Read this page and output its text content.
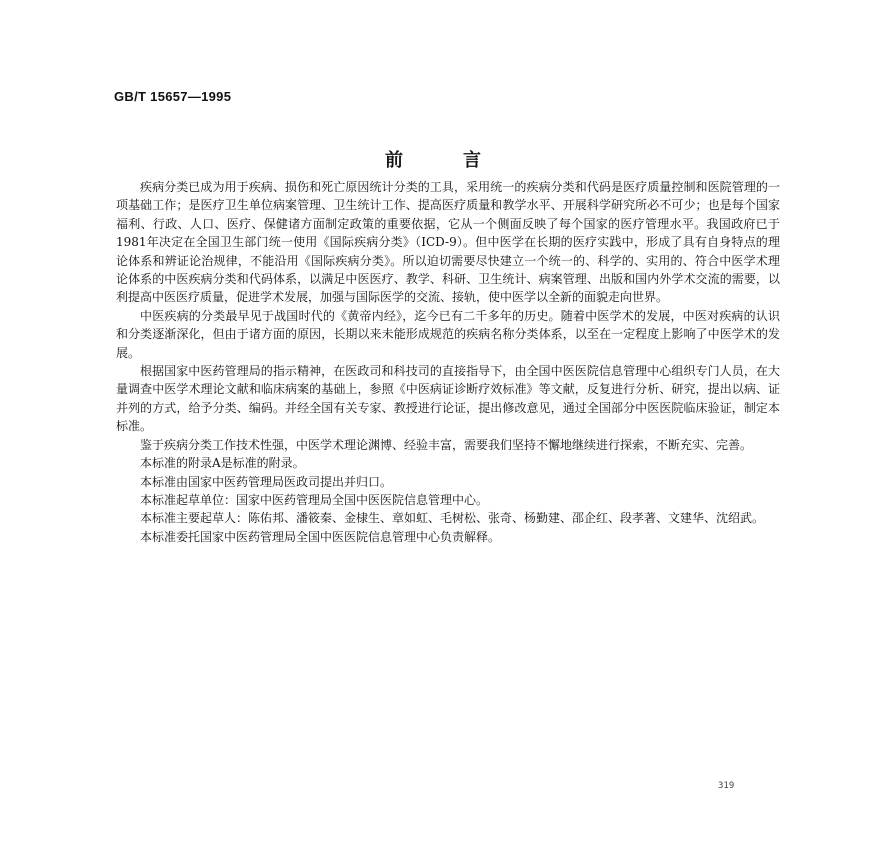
GB/T 15657—1995
前言

疾病分类已成为用于疾病、损伤和死亡原因统计分类的工具，采用统一的疾病分类和代码是医疗质量控制和医院管理的一项基础工作；是医疗卫生单位病案管理、卫生统计工作、提高医疗质量和教学水平、开展科学研究所必不可少；也是每个国家福利、行政、人口、医疗、保健诸方面制定政策的重要依据，它从一个侧面反映了每个国家的医疗管理水平。我国政府已于1981年决定在全国卫生部门统一使用《国际疾病分类》（ICD-9）。但中医学在长期的医疗实践中，形成了具有自身特点的理论体系和辨证论治规律，不能沿用《国际疾病分类》。所以迫切需要尽快建立一个统一的、科学的、实用的、符合中医学术理论体系的中医疾病分类和代码体系，以满足中医医疗、教学、科研、卫生统计、病案管理、出版和国内外学术交流的需要，以利提高中医医疗质量，促进学术发展，加强与国际医学的交流、接轨，使中医学以全新的面貌走向世界。

中医疾病的分类最早见于战国时代的《黄帝内经》，迄今已有二千多年的历史。随着中医学术的发展，中医对疾病的认识和分类逐渐深化，但由于诸方面的原因，长期以来未能形成规范的疾病名称分类体系，以至在一定程度上影响了中医学术的发展。

根据国家中医药管理局的指示精神，在医政司和科技司的直接指导下，由全国中医医院信息管理中心组织专门人员，在大量调查中医学术理论文献和临床病案的基础上，参照《中医病证诊断疗效标准》等文献，反复进行分析、研究，提出以病、证并列的方式，给予分类、编码。并经全国有关专家、教授进行论证，提出修改意见，通过全国部分中医医院临床验证，制定本标准。

鉴于疾病分类工作技术性强，中医学术理论渊博、经验丰富，需要我们坚持不懈地继续进行探索，不断充实、完善。

本标准的附录A是标准的附录。

本标准由国家中医药管理局医政司提出并归口。

本标准起草单位：国家中医药管理局全国中医医院信息管理中心。

本标准主要起草人：陈佑邦、潘筱秦、金棣生、章如虹、毛树松、张奇、杨勤建、邵企红、段孝著、文建华、沈绍武。

本标准委托国家中医药管理局全国中医医院信息管理中心负责解释。

319
